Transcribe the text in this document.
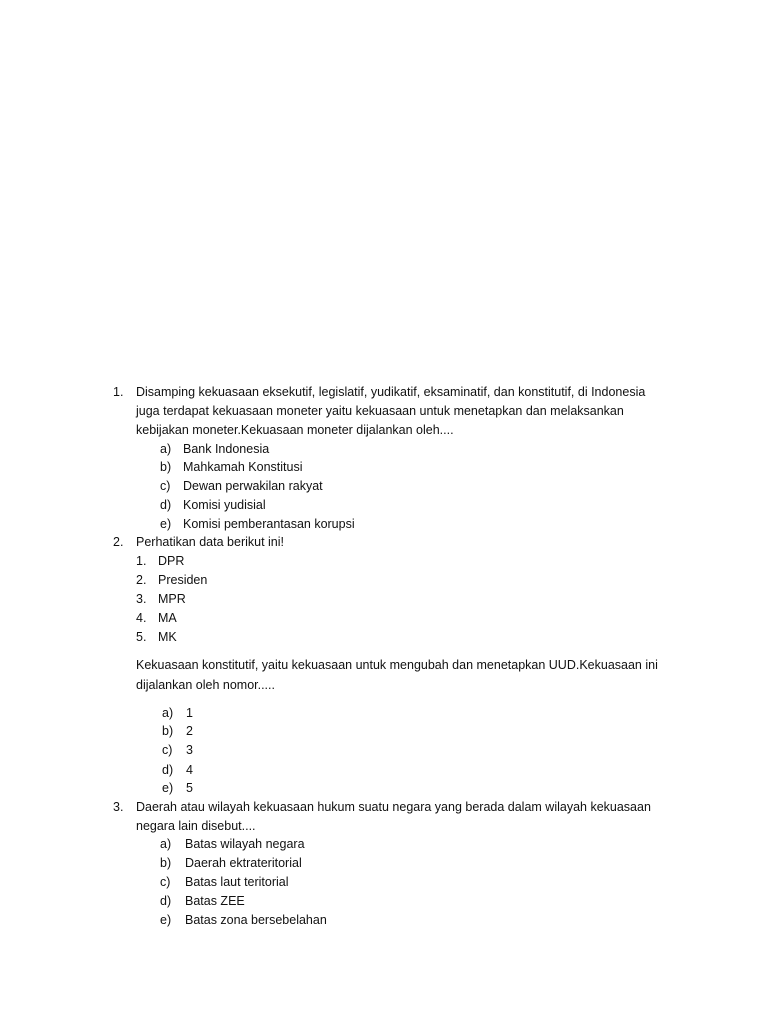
1. Disamping kekuasaan eksekutif, legislatif, yudikatif, eksaminatif, dan konstitutif, di Indonesia
juga terdapat kekuasaan moneter yaitu kekuasaan untuk menetapkan dan melaksankan
kebijakan moneter.Kekuasaan moneter dijalankan oleh....
a) Bank Indonesia
b) Mahkamah Konstitusi
c) Dewan perwakilan rakyat
d) Komisi yudisial
e) Komisi pemberantasan korupsi
2. Perhatikan data berikut ini!
1. DPR
2. Presiden
3. MPR
4. MA
5. MK
Kekuasaan konstitutif, yaitu kekuasaan untuk mengubah dan menetapkan UUD.Kekuasaan ini
dijalankan oleh nomor.....
a) 1
b) 2
c) 3
d) 4
e) 5
3. Daerah atau wilayah kekuasaan hukum suatu negara yang berada dalam wilayah kekuasaan
negara lain disebut....
a) Batas wilayah negara
b) Daerah ektrateritorial
c) Batas laut teritorial
d) Batas ZEE
e) Batas zona bersebelahan
